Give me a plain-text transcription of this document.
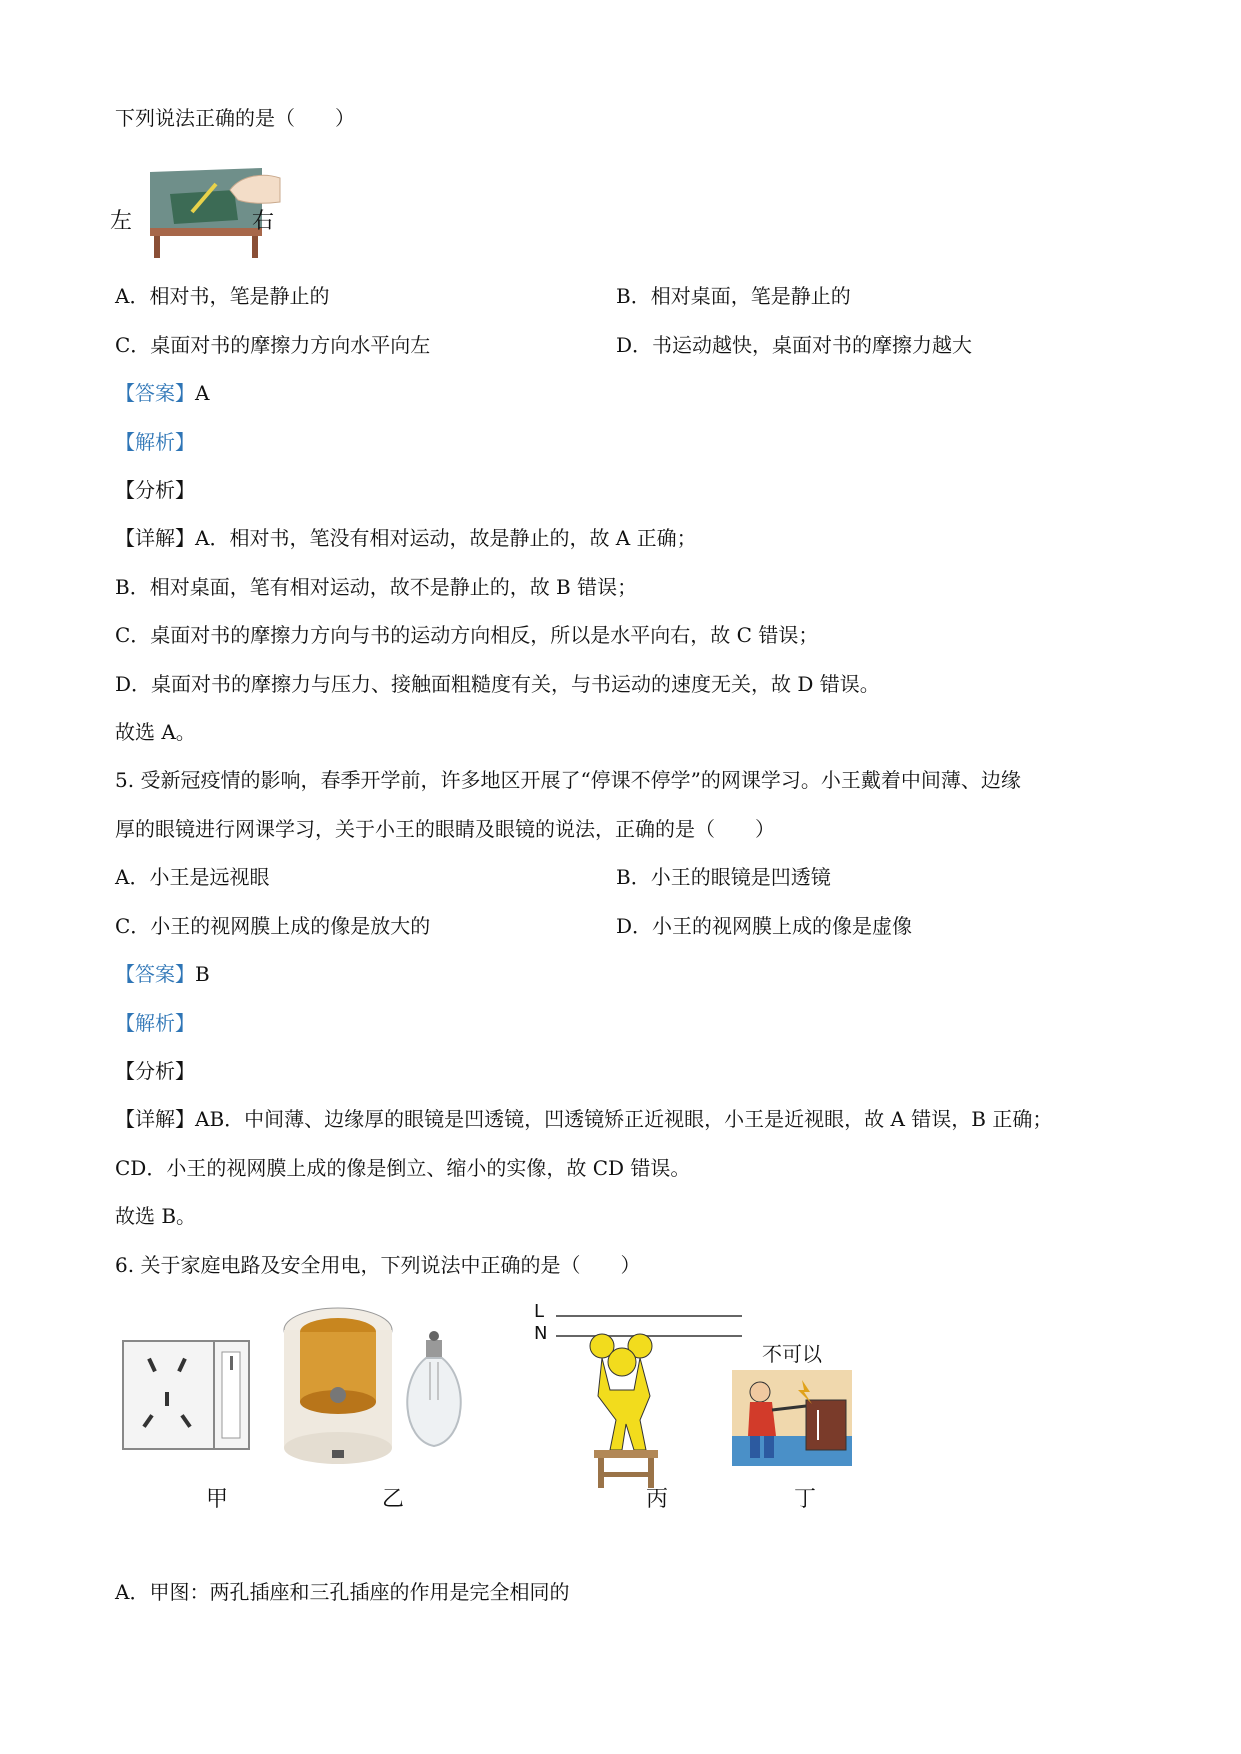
下列说法正确的是（　　）
左	右
A．相对书，笔是静止的	B．相对桌面，笔是静止的
C．桌面对书的摩擦力方向水平向左	D．书运动越快，桌面对书的摩擦力越大
【答案】A
【解析】
【分析】
【详解】A．相对书，笔没有相对运动，故是静止的，故 A 正确；
B．相对桌面，笔有相对运动，故不是静止的，故 B 错误；
C．桌面对书的摩擦力方向与书的运动方向相反，所以是水平向右，故 C 错误；
D．桌面对书的摩擦力与压力、接触面粗糙度有关，与书运动的速度无关，故 D 错误。
故选 A。
5. 受新冠疫情的影响，春季开学前，许多地区开展了“停课不停学”的网课学习。小王戴着中间薄、边缘
厚的眼镜进行网课学习，关于小王的眼睛及眼镜的说法，正确的是（　　）
A．小王是远视眼	B．小王的眼镜是凹透镜
C．小王的视网膜上成的像是放大的	D．小王的视网膜上成的像是虚像
【答案】B
【解析】
【分析】
【详解】AB．中间薄、边缘厚的眼镜是凹透镜，凹透镜矫正近视眼，小王是近视眼，故 A 错误，B 正确；
CD．小王的视网膜上成的像是倒立、缩小的实像，故 CD 错误。
故选 B。
6. 关于家庭电路及安全用电，下列说法中正确的是（　　）
L
N
不可以
甲	乙	丙	丁
A．甲图：两孔插座和三孔插座的作用是完全相同的
